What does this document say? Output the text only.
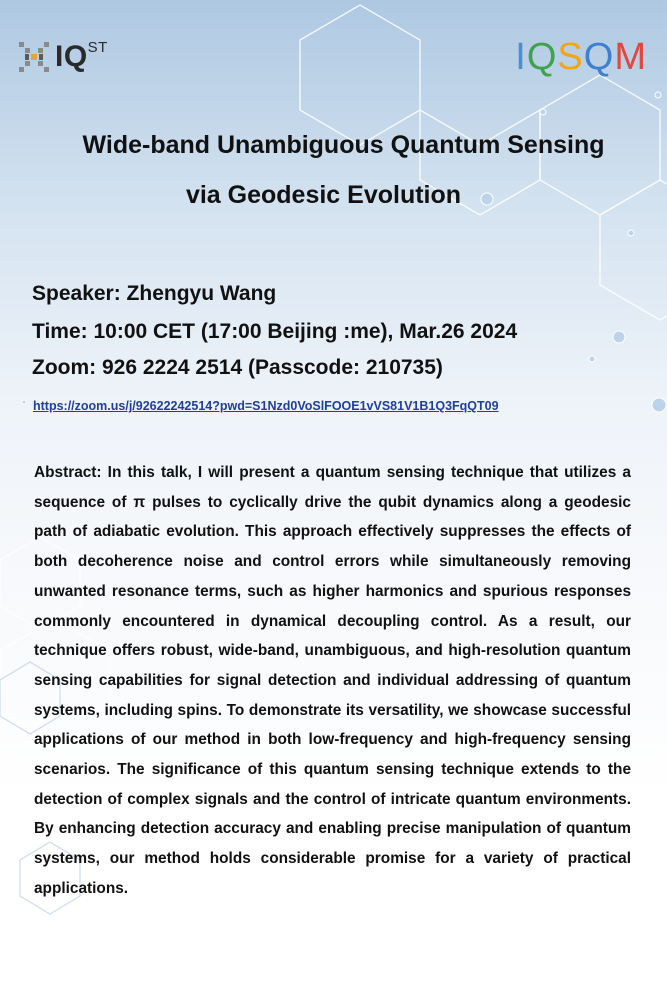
$IQ^{ST}$	IQSQM
Wide-band Unambiguous Quantum Sensing
via Geodesic Evolution
Speaker: Zhengyu Wang
Time: 10:00 CET (17:00 Beijing :me), Mar.26 2024
Zoom: 926 2224 2514 (Passcode: 210735)
https://zoom.us/j/92622242514?pwd=S1Nzd0VoSlFOOE1vVS81V1B1Q3FqQT09

Abstract: In this talk, I will present a quantum sensing technique that utilizes a sequence of π pulses to cyclically drive the qubit dynamics along a geodesic path of adiabatic evolution. This approach effectively suppresses the effects of both decoherence noise and control errors while simultaneously removing unwanted resonance terms, such as higher harmonics and spurious responses commonly encountered in dynamical decoupling control. As a result, our technique offers robust, wide-band, unambiguous, and high-resolution quantum sensing capabilities for signal detection and individual addressing of quantum systems, including spins. To demonstrate its versatility, we showcase successful applications of our method in both low-frequency and high-frequency sensing scenarios. The significance of this quantum sensing technique extends to the detection of complex signals and the control of intricate quantum environments. By enhancing detection accuracy and enabling precise manipulation of quantum systems, our method holds considerable promise for a variety of practical applications.
